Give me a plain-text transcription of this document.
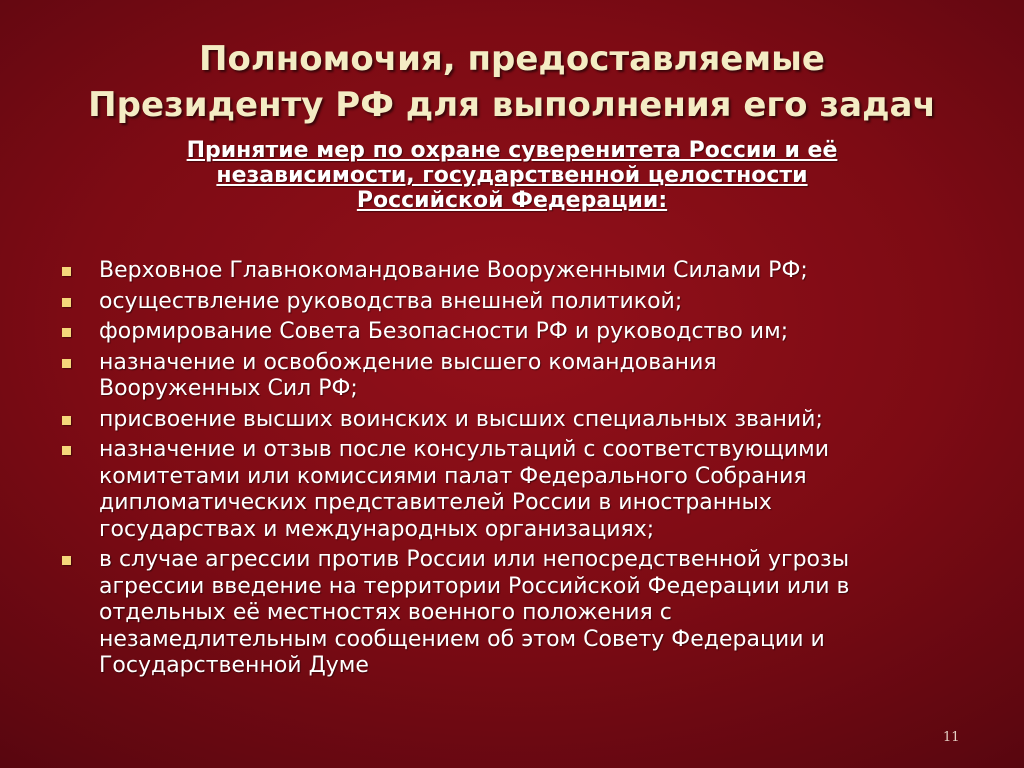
Полномочия, предоставляемые
Президенту РФ для выполнения его задач
Принятие мер по охране суверенитета России и её
независимости, государственной целостности
Российской Федерации:
Верховное Главнокомандование Вооруженными Силами РФ;
осуществление руководства внешней политикой;
формирование Совета Безопасности РФ и руководство им;
назначение и освобождение высшего командования
Вооруженных Сил РФ;
присвоение высших воинских и высших специальных званий;
назначение и отзыв после консультаций с соответствующими
комитетами или комиссиями палат Федерального Собрания
дипломатических представителей России в иностранных
государствах и международных организациях;
в случае агрессии против России или непосредственной угрозы
агрессии введение на территории Российской Федерации или в
отдельных её местностях военного положения с
незамедлительным сообщением об этом Совету Федерации и
Государственной Думе
11
